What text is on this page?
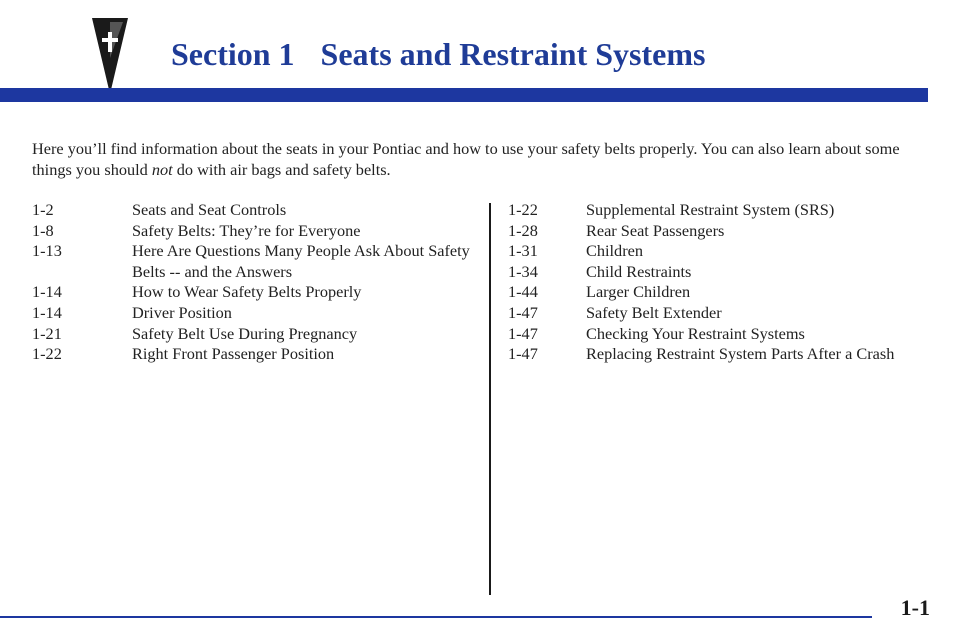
Section 1 Seats and Restraint Systems

Here you’ll find information about the seats in your Pontiac and how to use your safety belts properly. You can also learn about some things you should not do with air bags and safety belts.

1-2	Seats and Seat Controls
1-8	Safety Belts: They’re for Everyone
1-13	Here Are Questions Many People Ask About Safety Belts -- and the Answers
1-14	How to Wear Safety Belts Properly
1-14	Driver Position
1-21	Safety Belt Use During Pregnancy
1-22	Right Front Passenger Position
1-22	Supplemental Restraint System (SRS)
1-28	Rear Seat Passengers
1-31	Children
1-34	Child Restraints
1-44	Larger Children
1-47	Safety Belt Extender
1-47	Checking Your Restraint Systems
1-47	Replacing Restraint System Parts After a Crash
1-1
